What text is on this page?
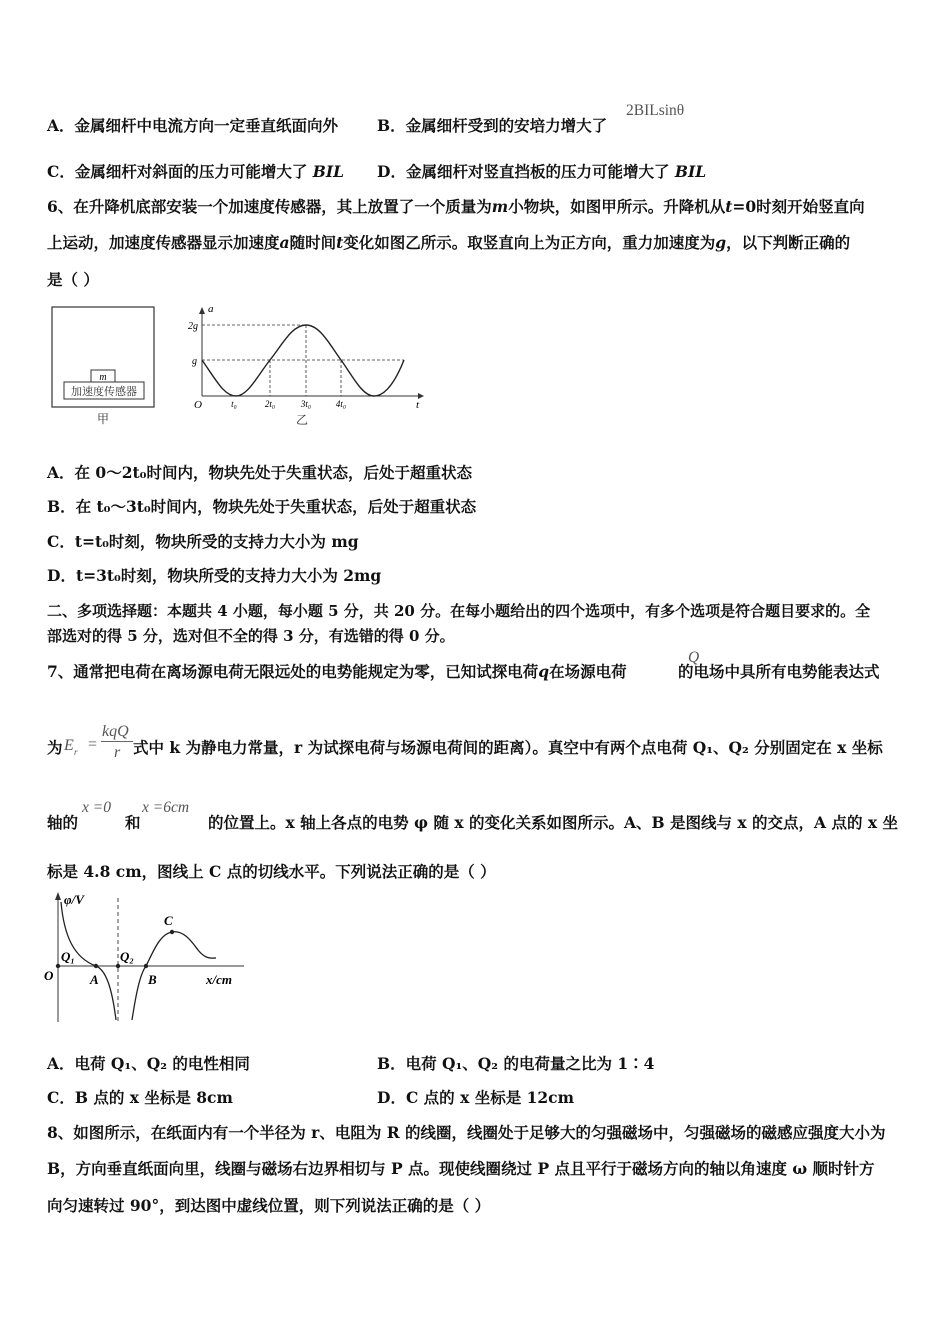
A．金属细杆中电流方向一定垂直纸面向外	B．金属细杆受到的安培力增大了
2BILsinθ
C．金属细杆对斜面的压力可能增大了 BIL D．金属细杆对竖直挡板的压力可能增大了 BIL
6、在升降机底部安装一个加速度传感器，其上放置了一个质量为m小物块，如图甲所示。升降机从t=0时刻开始竖直向
上运动，加速度传感器显示加速度a随时间t变化如图乙所示。取竖直向上为正方向，重力加速度为g，以下判断正确的
是（ ）
m
加速度传感器
甲
a
t
O
2g
g
t₀	2t₀	3t₀	4t₀
乙
A．在 0～2t₀时间内，物块先处于失重状态，后处于超重状态
B．在 t₀～3t₀时间内，物块先处于失重状态，后处于超重状态
C．t=t₀时刻，物块所受的支持力大小为 mg
D．t=3t₀时刻，物块所受的支持力大小为 2mg
二、多项选择题：本题共 4 小题，每小题 5 分，共 20 分。在每小题给出的四个选项中，有多个选项是符合题目要求的。全
部选对的得 5 分，选对但不全的得 3 分，有选错的得 0 分。
7、通常把电荷在离场源电荷无限远处的电势能规定为零，已知试探电荷q在场源电荷
Q
的电场中具所有电势能表达式
为 E r =
kqQ
r 式中 k 为静电力常量，r 为试探电荷与场源电荷间的距离）。真空中有两个点电荷 Q₁、Q₂ 分别固定在 x 坐标
轴的
x =0
和
x =6cm
的位置上。x 轴上各点的电势 φ 随 x 的变化关系如图所示。A、B 是图线与 x 的交点，A 点的 x 坐
标是 4.8 cm，图线上 C 点的切线水平。下列说法正确的是（ ）
φ/V
x/cm
O
Q₁	Q₂
A	B
C
A．电荷 Q₁、Q₂ 的电性相同	B．电荷 Q₁、Q₂ 的电荷量之比为 1∶4
C．B 点的 x 坐标是 8cm	D．C 点的 x 坐标是 12cm
8、如图所示，在纸面内有一个半径为 r、电阻为 R 的线圈，线圈处于足够大的匀强磁场中，匀强磁场的磁感应强度大小为
B，方向垂直纸面向里，线圈与磁场右边界相切与 P 点。现使线圈绕过 P 点且平行于磁场方向的轴以角速度 ω 顺时针方
向匀速转过 90°，到达图中虚线位置，则下列说法正确的是（ ）
